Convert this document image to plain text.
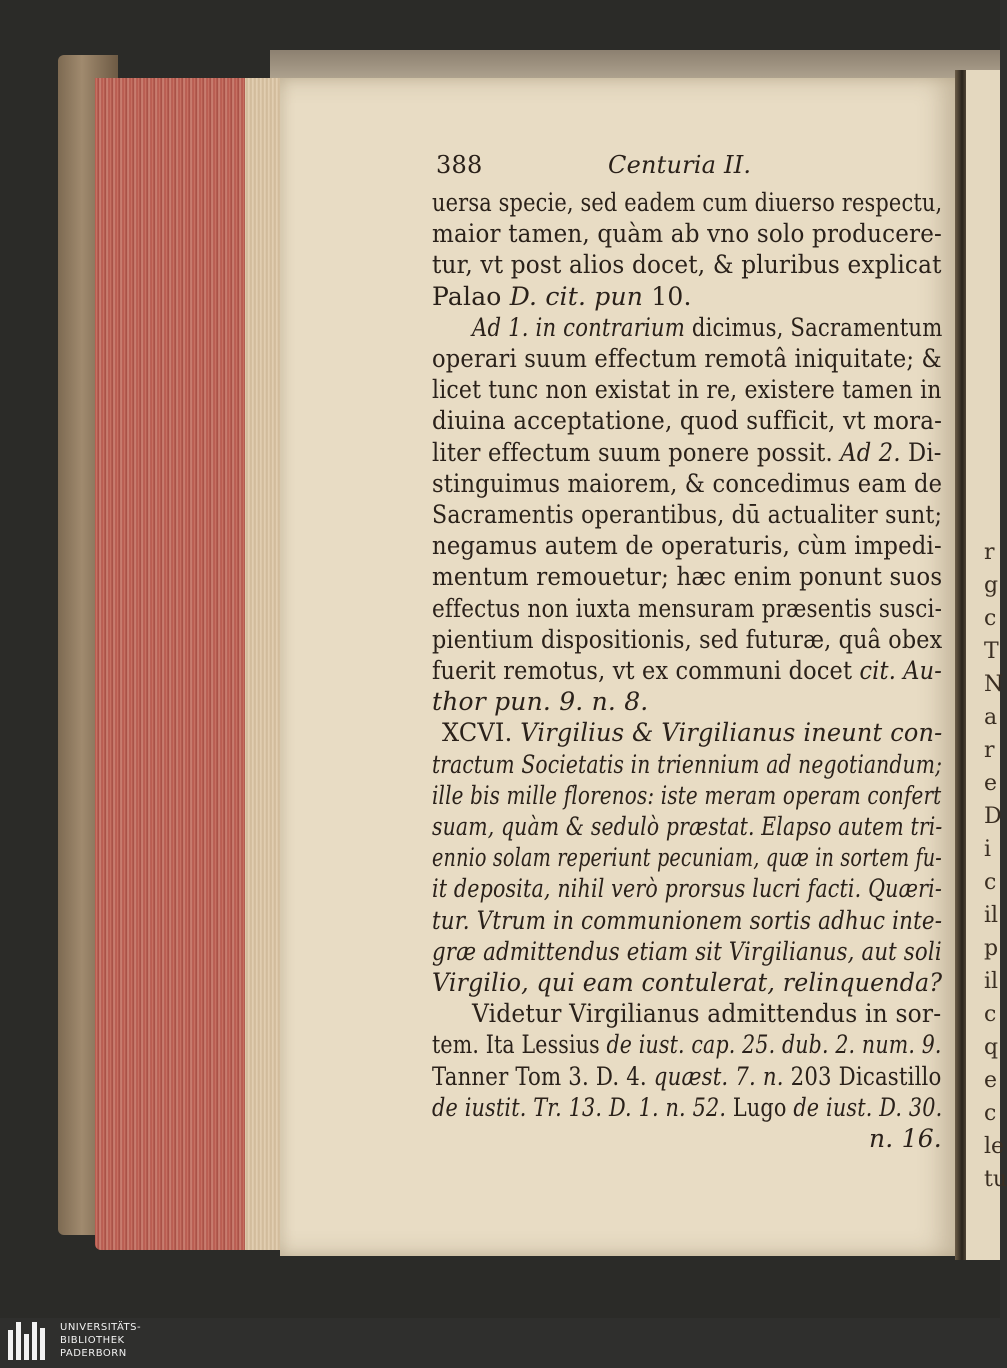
r
g
c
T
N
a
r
e
D
i
c
il
p
il
c
q
e
c
le
tu
388	Centuria II.
uersa specie, sed eadem cum diuerso respectu,
maior tamen, quàm ab vno solo producere-
tur, vt post alios docet, & pluribus explicat
Palao D. cit. pun 10.
Ad 1. in contrarium dicimus, Sacramentum
operari suum effectum remotâ iniquitate; &
licet tunc non existat in re, existere tamen in
diuina acceptatione, quod sufficit, vt mora-
liter effectum suum ponere possit. Ad 2. Di-
stinguimus maiorem, & concedimus eam de
Sacramentis operantibus, dū actualiter sunt;
negamus autem de operaturis, cùm impedi-
mentum remouetur; hæc enim ponunt suos
effectus non iuxta mensuram præsentis susci-
pientium dispositionis, sed futuræ, quâ obex
fuerit remotus, vt ex communi docet cit. Au-
thor pun. 9. n. 8.
XCVI. Virgilius & Virgilianus ineunt con-
tractum Societatis in triennium ad negotiandum;
ille bis mille florenos: iste meram operam confert
suam, quàm & sedulò præstat. Elapso autem tri-
ennio solam reperiunt pecuniam, quæ in sortem fu-
it deposita, nihil verò prorsus lucri facti. Quæri-
tur. Vtrum in communionem sortis adhuc inte-
græ admittendus etiam sit Virgilianus, aut soli
Virgilio, qui eam contulerat, relinquenda?
Videtur Virgilianus admittendus in sor-
tem. Ita Lessius de iust. cap. 25. dub. 2. num. 9.
Tanner Tom 3. D. 4. quæst. 7. n. 203 Dicastillo
de iustit. Tr. 13. D. 1. n. 52. Lugo de iust. D. 30.
n. 16.
UNIVERSITÄTS-
BIBLIOTHEK
PADERBORN
